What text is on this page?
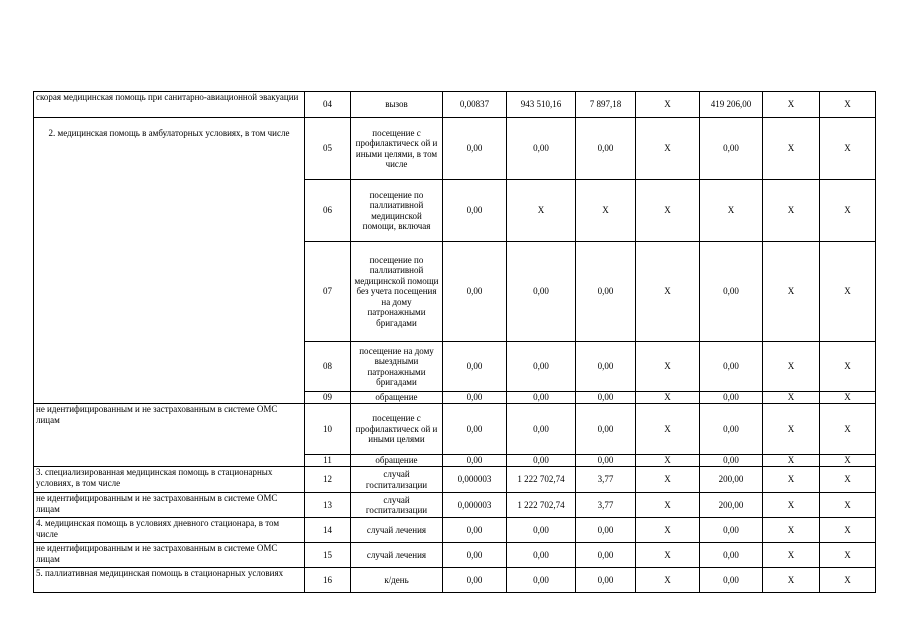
скорая медицинская помощь при санитарно-авиационной эвакуации	04	вызов	0,00837	943 510,16	7 897,18	X	419 206,00	X	X
2. медицинская помощь в амбулаторных условиях, в том числе	05	посещение с профилактическ ой и иными целями, в том числе	0,00	0,00	0,00	X	0,00	X	X
	06	посещение по паллиативной медицинской помощи, включая	0,00	X	X	X	X	X	X
	07	посещение по паллиативной медицинской помощи без учета посещения на дому патронажными бригадами	0,00	0,00	0,00	X	0,00	X	X
	08	посещение на дому выездными патронажными бригадами	0,00	0,00	0,00	X	0,00	X	X
	09	обращение	0,00	0,00	0,00	X	0,00	X	X
не идентифицированным и не застрахованным в системе ОМС лицам	10	посещение с профилактическ ой и иными целями	0,00	0,00	0,00	X	0,00	X	X
	11	обращение	0,00	0,00	0,00	X	0,00	X	X
3. специализированная медицинская помощь в стационарных условиях, в том числе	12	случай госпитализации	0,000003	1 222 702,74	3,77	X	200,00	X	X
не идентифицированным и не застрахованным в системе ОМС лицам	13	случай госпитализации	0,000003	1 222 702,74	3,77	X	200,00	X	X
4. медицинская помощь в условиях дневного стационара, в том числе	14	случай лечения	0,00	0,00	0,00	X	0,00	X	X
не идентифицированным и не застрахованным в системе ОМС лицам	15	случай лечения	0,00	0,00	0,00	X	0,00	X	X
5. паллиативная медицинская помощь в стационарных условиях	16	к/день	0,00	0,00	0,00	X	0,00	X	X
